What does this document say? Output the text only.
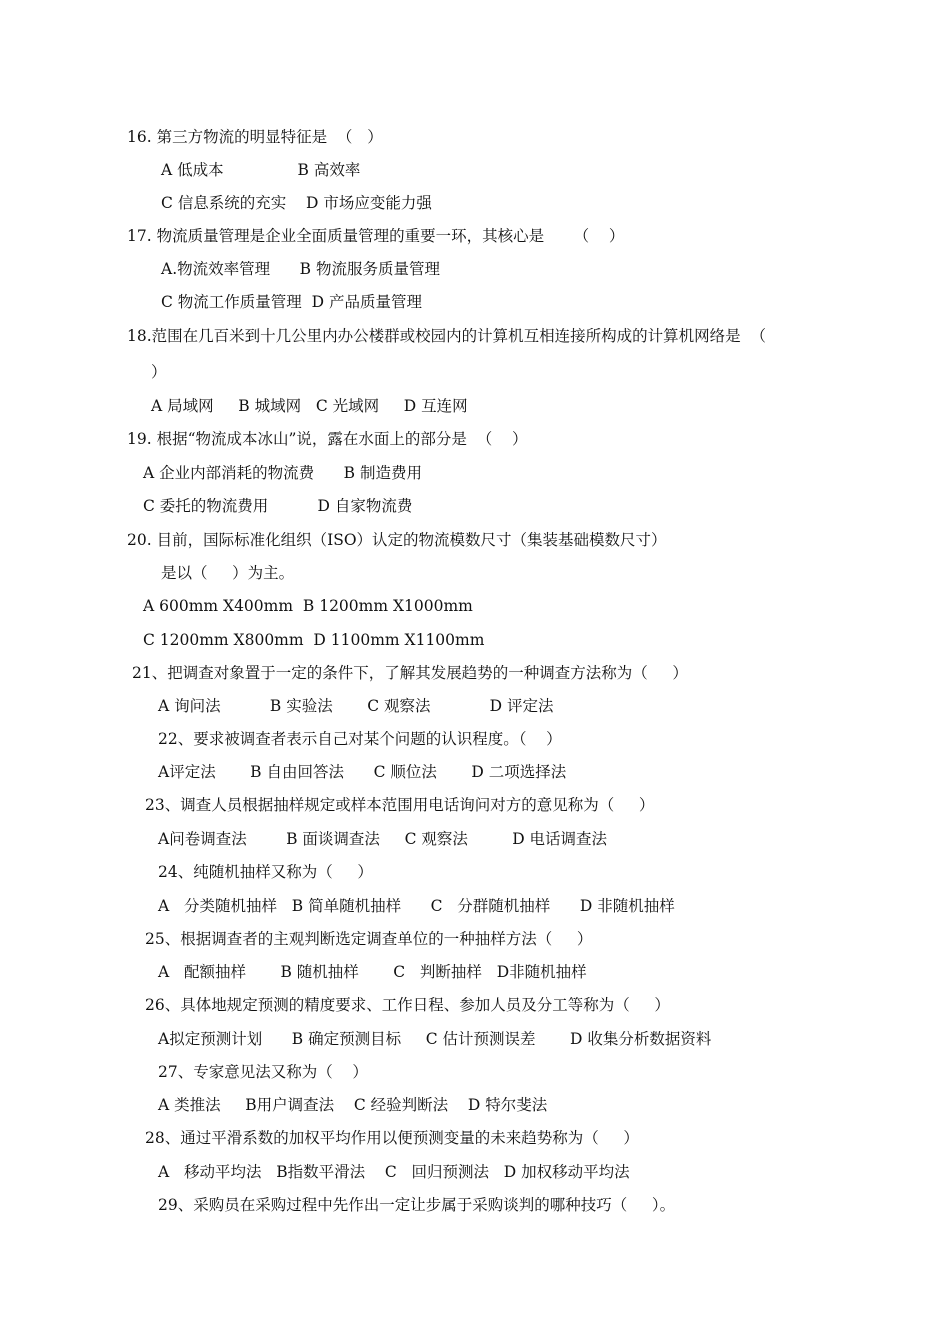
16. 第三方物流的明显特征是  （   ）
A 低成本               B 高效率
C 信息系统的充实    D 市场应变能力强
17. 物流质量管理是企业全面质量管理的重要一环，其核心是      （    ）
A.物流效率管理      B 物流服务质量管理
C 物流工作质量管理  D 产品质量管理
18.范围在几百米到十几公里内办公楼群或校园内的计算机互相连接所构成的计算机网络是  （
）
A 局域网     B 城域网   C 光域网     D 互连网
19. 根据“物流成本冰山”说，露在水面上的部分是  （    ）
A 企业内部消耗的物流费      B 制造费用
C 委托的物流费用          D 自家物流费
20. 目前，国际标准化组织（ISO）认定的物流模数尺寸（集装基础模数尺寸）
是以（     ）为主。
A 600mm X400mm  B 1200mm X1000mm
C 1200mm X800mm  D 1100mm X1100mm
21、把调查对象置于一定的条件下，了解其发展趋势的一种调查方法称为（     ）
A 询问法          B 实验法       C 观察法            D 评定法
22、要求被调查者表示自己对某个问题的认识程度。（    ）
A评定法       B 自由回答法      C 顺位法       D 二项选择法
23、调查人员根据抽样规定或样本范围用电话询问对方的意见称为（     ）
A问卷调查法        B 面谈调查法     C 观察法         D 电话调查法
24、纯随机抽样又称为（     ）
A   分类随机抽样   B 简单随机抽样      C   分群随机抽样      D 非随机抽样
25、根据调查者的主观判断选定调查单位的一种抽样方法（     ）
A   配额抽样       B 随机抽样       C   判断抽样   D非随机抽样
26、具体地规定预测的精度要求、工作日程、参加人员及分工等称为（     ）
A拟定预测计划      B 确定预测目标     C 估计预测误差       D 收集分析数据资料
27、专家意见法又称为（    ）
A 类推法     B用户调查法    C 经验判断法    D 特尔斐法
28、通过平滑系数的加权平均作用以便预测变量的未来趋势称为（     ）
A   移动平均法   B指数平滑法    C   回归预测法   D 加权移动平均法
29、采购员在采购过程中先作出一定让步属于采购谈判的哪种技巧（     ）。
